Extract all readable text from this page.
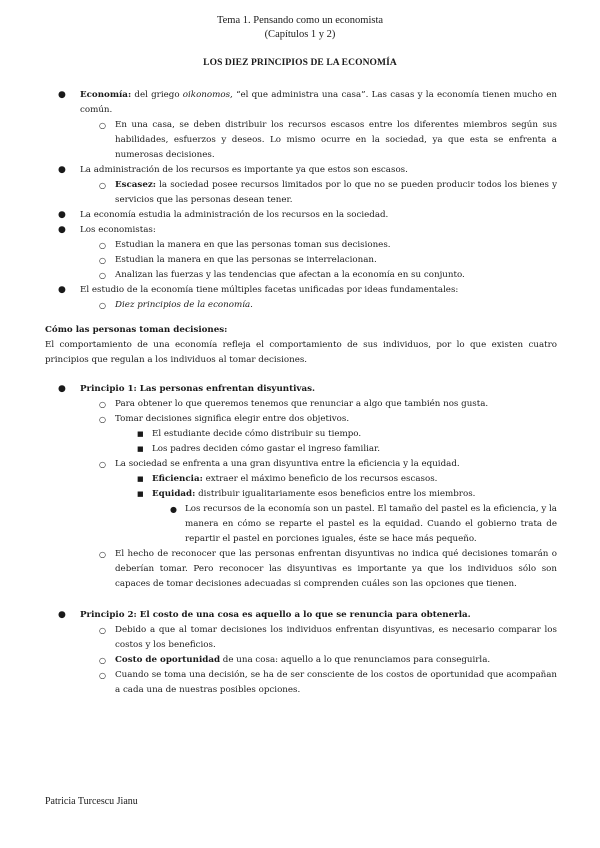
Tema 1. Pensando como un economista
(Capítulos 1 y 2)
LOS DIEZ PRINCIPIOS DE LA ECONOMÍA
● Economía: del griego oikonomos, “el que administra una casa”. Las casas y la economía tienen mucho en común.
○ En una casa, se deben distribuir los recursos escasos entre los diferentes miembros según sus habilidades, esfuerzos y deseos. Lo mismo ocurre en la sociedad, ya que esta se enfrenta a numerosas decisiones.
● La administración de los recursos es importante ya que estos son escasos.
○ Escasez: la sociedad posee recursos limitados por lo que no se pueden producir todos los bienes y servicios que las personas desean tener.
● La economía estudia la administración de los recursos en la sociedad.
● Los economistas:
○ Estudian la manera en que las personas toman sus decisiones.
○ Estudian la manera en que las personas se interrelacionan.
○ Analizan las fuerzas y las tendencias que afectan a la economía en su conjunto.
● El estudio de la economía tiene múltiples facetas unificadas por ideas fundamentales:
○ Diez principios de la economía.
Cómo las personas toman decisiones:
El comportamiento de una economía refleja el comportamiento de sus individuos, por lo que existen cuatro principios que regulan a los individuos al tomar decisiones.
● Principio 1: Las personas enfrentan disyuntivas.
○ Para obtener lo que queremos tenemos que renunciar a algo que también nos gusta.
○ Tomar decisiones significa elegir entre dos objetivos.
■ El estudiante decide cómo distribuir su tiempo.
■ Los padres deciden cómo gastar el ingreso familiar.
○ La sociedad se enfrenta a una gran disyuntiva entre la eficiencia y la equidad.
■ Eficiencia: extraer el máximo beneficio de los recursos escasos.
■ Equidad: distribuir igualitariamente esos beneficios entre los miembros.
● Los recursos de la economía son un pastel. El tamaño del pastel es la eficiencia, y la manera en cómo se reparte el pastel es la equidad. Cuando el gobierno trata de repartir el pastel en porciones iguales, éste se hace más pequeño.
○ El hecho de reconocer que las personas enfrentan disyuntivas no indica qué decisiones tomarán o deberían tomar. Pero reconocer las disyuntivas es importante ya que los individuos sólo son capaces de tomar decisiones adecuadas si comprenden cuáles son las opciones que tienen.
● Principio 2: El costo de una cosa es aquello a lo que se renuncia para obtenerla.
○ Debido a que al tomar decisiones los individuos enfrentan disyuntivas, es necesario comparar los costos y los beneficios.
○ Costo de oportunidad de una cosa: aquello a lo que renunciamos para conseguirla.
○ Cuando se toma una decisión, se ha de ser consciente de los costos de oportunidad que acompañan a cada una de nuestras posibles opciones.
Patricia Turcescu Jianu
